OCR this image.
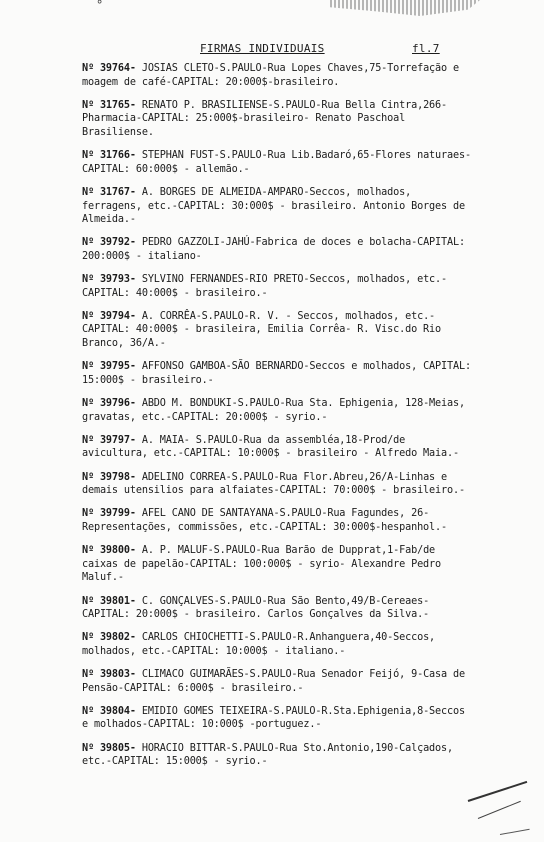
°
FIRMAS INDIVIDUAIS	fl.7

Nº 39764- JOSIAS CLETO-S.PAULO-Rua Lopes Chaves,75-Torrefação e moagem de café-CAPITAL: 20:000$-brasileiro.

Nº 31765- RENATO P. BRASILIENSE-S.PAULO-Rua Bella Cintra,266-Pharmacia-CAPITAL: 25:000$-brasileiro- Renato Paschoal Brasiliense.

Nº 31766- STEPHAN FUST-S.PAULO-Rua Lib.Badaró,65-Flores naturaes-CAPITAL: 60:000$ - allemão.-

Nº 31767- A. BORGES DE ALMEIDA-AMPARO-Seccos, molhados, ferragens, etc.-CAPITAL: 30:000$ - brasileiro. Antonio Borges de Almeida.-

Nº 39792- PEDRO GAZZOLI-JAHÚ-Fabrica de doces e bolacha-CAPITAL: 200:000$ - italiano-

Nº 39793- SYLVINO FERNANDES-RIO PRETO-Seccos, molhados, etc.-CAPITAL: 40:000$ - brasileiro.-

Nº 39794- A. CORRÊA-S.PAULO-R. V. - Seccos, molhados, etc.-CAPITAL: 40:000$ - brasileira, Emilia Corrêa- R. Visc.do Rio Branco, 36/A.-

Nº 39795- AFFONSO GAMBOA-SÃO BERNARDO-Seccos e molhados, CAPITAL: 15:000$ - brasileiro.-

Nº 39796- ABDO M. BONDUKI-S.PAULO-Rua Sta. Ephigenia, 128-Meias, gravatas, etc.-CAPITAL: 20:000$ - syrio.-

Nº 39797- A. MAIA- S.PAULO-Rua da assembléa,18-Prod/de avicultura, etc.-CAPITAL: 10:000$ - brasileiro - Alfredo Maia.-

Nº 39798- ADELINO CORREA-S.PAULO-Rua Flor.Abreu,26/A-Linhas e demais utensilios para alfaiates-CAPITAL: 70:000$ - brasileiro.-

Nº 39799- AFEL CANO DE SANTAYANA-S.PAULO-Rua Fagundes, 26-Representações, commissões, etc.-CAPITAL: 30:000$-hespanhol.-

Nº 39800- A. P. MALUF-S.PAULO-Rua Barão de Dupprat,1-Fab/de caixas de papelão-CAPITAL: 100:000$ - syrio- Alexandre Pedro Maluf.-

Nº 39801- C. GONÇALVES-S.PAULO-Rua São Bento,49/B-Cereaes-CAPITAL: 20:000$ - brasileiro. Carlos Gonçalves da Silva.-

Nº 39802- CARLOS CHIOCHETTI-S.PAULO-R.Anhanguera,40-Seccos, molhados, etc.-CAPITAL: 10:000$ - italiano.-

Nº 39803- CLIMACO GUIMARÃES-S.PAULO-Rua Senador Feijó, 9-Casa de Pensão-CAPITAL: 6:000$ - brasileiro.-

Nº 39804- EMIDIO GOMES TEIXEIRA-S.PAULO-R.Sta.Ephigenia,8-Seccos e molhados-CAPITAL: 10:000$ -portuguez.-

Nº 39805- HORACIO BITTAR-S.PAULO-Rua Sto.Antonio,190-Calçados, etc.-CAPITAL: 15:000$ - syrio.-
